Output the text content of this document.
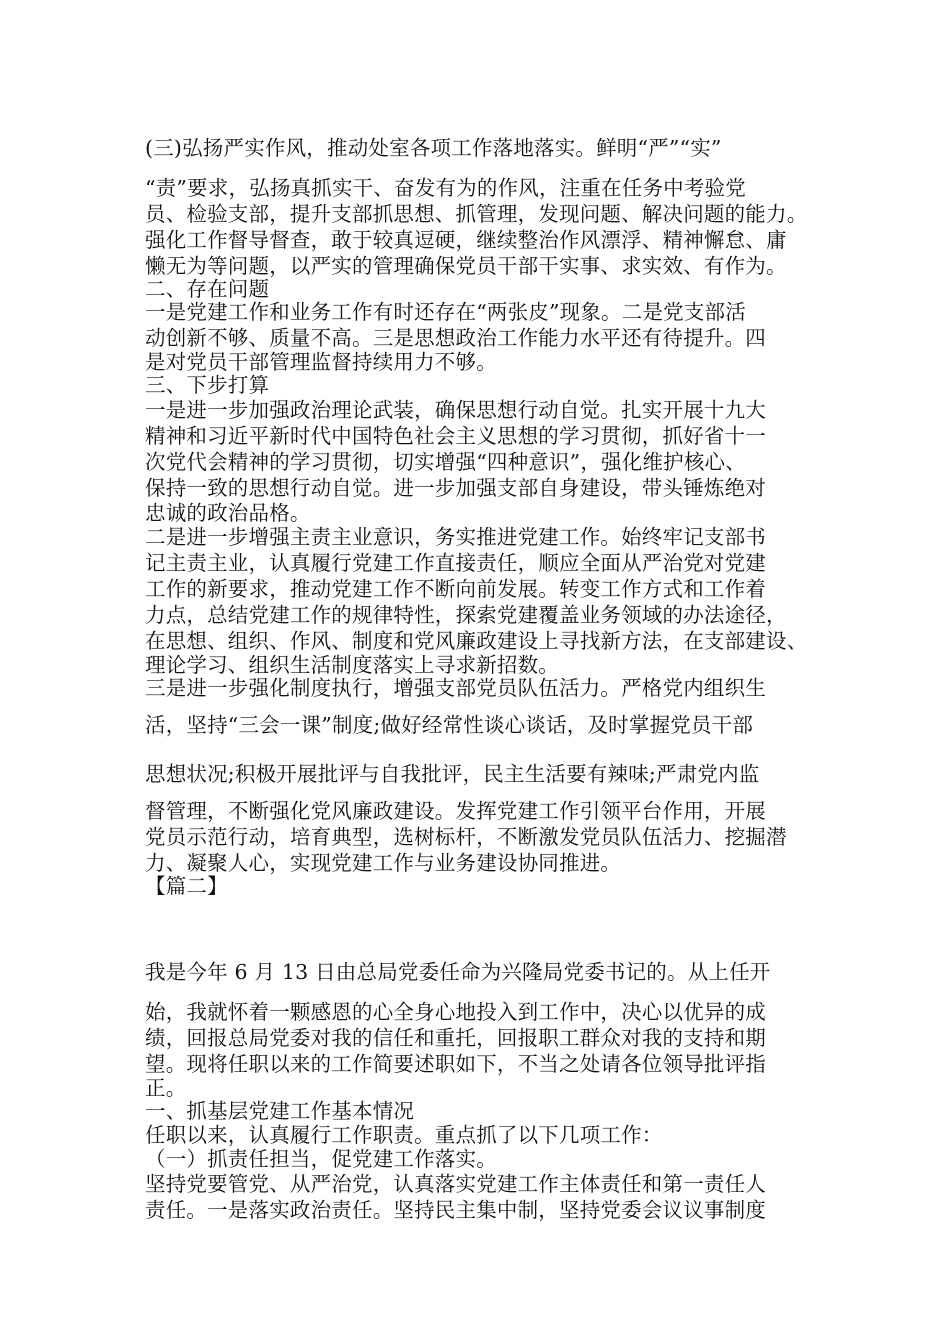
(三)弘扬严实作风，推动处室各项工作落地落实。鲜明“严”“实”
“责”要求，弘扬真抓实干、奋发有为的作风，注重在任务中考验党
员、检验支部，提升支部抓思想、抓管理，发现问题、解决问题的能力。
强化工作督导督查，敢于较真逗硬，继续整治作风漂浮、精神懈怠、庸
懒无为等问题，以严实的管理确保党员干部干实事、求实效、有作为。
二、存在问题
一是党建工作和业务工作有时还存在“两张皮”现象。二是党支部活
动创新不够、质量不高。三是思想政治工作能力水平还有待提升。四
是对党员干部管理监督持续用力不够。
三、下步打算
一是进一步加强政治理论武装，确保思想行动自觉。扎实开展十九大
精神和习近平新时代中国特色社会主义思想的学习贯彻，抓好省十一
次党代会精神的学习贯彻，切实增强“四种意识”，强化维护核心、
保持一致的思想行动自觉。进一步加强支部自身建设，带头锤炼绝对
忠诚的政治品格。
二是进一步增强主责主业意识，务实推进党建工作。始终牢记支部书
记主责主业，认真履行党建工作直接责任，顺应全面从严治党对党建
工作的新要求，推动党建工作不断向前发展。转变工作方式和工作着
力点，总结党建工作的规律特性，探索党建覆盖业务领域的办法途径，
在思想、组织、作风、制度和党风廉政建设上寻找新方法，在支部建设、
理论学习、组织生活制度落实上寻求新招数。
三是进一步强化制度执行，增强支部党员队伍活力。严格党内组织生
活，坚持“三会一课”制度;做好经常性谈心谈话，及时掌握党员干部
思想状况;积极开展批评与自我批评，民主生活要有辣味;严肃党内监
督管理，不断强化党风廉政建设。发挥党建工作引领平台作用，开展
党员示范行动，培育典型，选树标杆，不断激发党员队伍活力、挖掘潜
力、凝聚人心，实现党建工作与业务建设协同推进。
【篇二】
我是今年 6 月 13 日由总局党委任命为兴隆局党委书记的。从上任开
始，我就怀着一颗感恩的心全身心地投入到工作中，决心以优异的成
绩，回报总局党委对我的信任和重托，回报职工群众对我的支持和期
望。现将任职以来的工作简要述职如下，不当之处请各位领导批评指
正。
一、抓基层党建工作基本情况
任职以来，认真履行工作职责。重点抓了以下几项工作：
（一）抓责任担当，促党建工作落实。
坚持党要管党、从严治党，认真落实党建工作主体责任和第一责任人
责任。一是落实政治责任。坚持民主集中制，坚持党委会议议事制度
